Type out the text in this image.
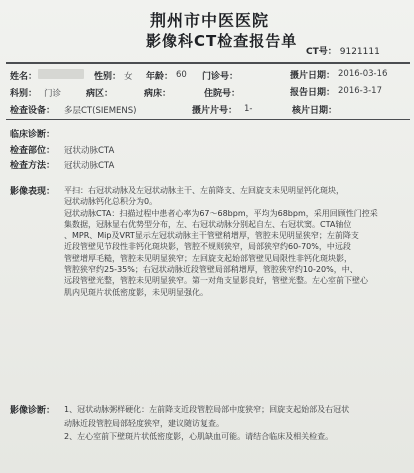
荆州市中医医院
影像科CT检查报告单
CT号： 9121111
姓名：	性别： 女 年龄： 60 门诊号：	摄片日期： 2016-03-16
科别： 门诊	病区：	病床：	住院号：	报告日期： 2016-3-17
检查设备： 多层CT(SIEMENS)	摄片片号： 1-	核片日期：
临床诊断：
检查部位： 冠状动脉CTA
检查方法： 冠状动脉CTA
影像表现： 平扫：右冠状动脉及左冠状动脉主干、左前降支、左回旋支未见明显钙化斑块，
冠状动脉钙化总积分为0。
冠状动脉CTA：扫描过程中患者心率为67～68bpm，平均为68bpm，采用回顾性门控采
集数据，冠脉显右优势型分布，左、右冠状动脉分别起自左、右冠状窦。CTA轴位
、MPR、Mip及VRT显示左冠状动脉主干管壁稍增厚，管腔未见明显狭窄；左前降支
近段管壁见节段性非钙化斑块影，管腔不规则狭窄，局部狭窄约60-70%，中远段
管壁增厚毛糙，管腔未见明显狭窄；左回旋支起始部管壁见局限性非钙化斑块影，
管腔狭窄约25-35%；右冠状动脉近段管壁局部稍增厚，管腔狭窄约10-20%，中、
远段管壁光整，管腔未见明显狭窄。第一对角支显影良好，管壁光整。左心室前下壁心
肌内见斑片状低密度影，未见明显强化。
影像诊断： 1、冠状动脉粥样硬化：左前降支近段管腔局部中度狭窄；回旋支起始部及右冠状
动脉近段管腔局部轻度狭窄，建议随访复查。
2、左心室前下壁斑片状低密度影，心肌缺血可能。请结合临床及相关检查。
